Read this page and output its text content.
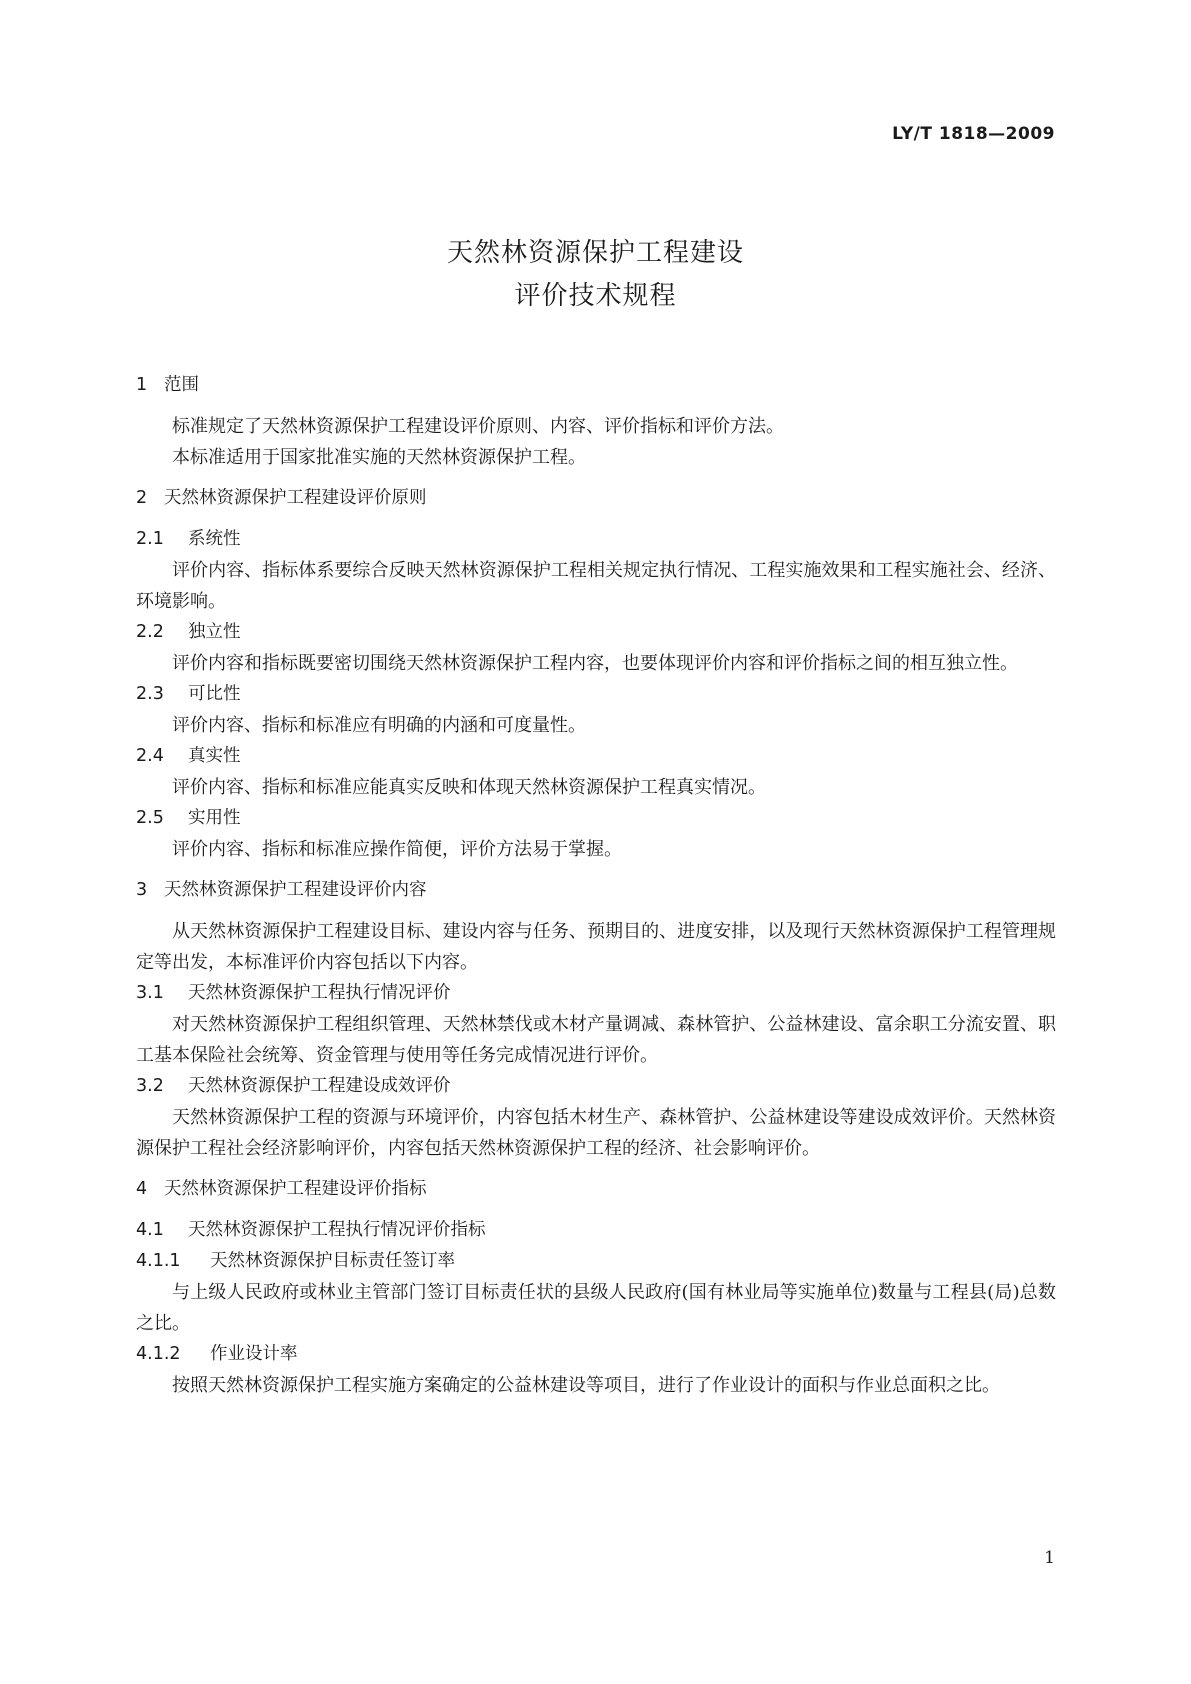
LY/T 1818—2009
天然林资源保护工程建设
评价技术规程
1 范围

标准规定了天然林资源保护工程建设评价原则、内容、评价指标和评价方法。

本标准适用于国家批准实施的天然林资源保护工程。

2 天然林资源保护工程建设评价原则
2.1 系统性

评价内容、指标体系要综合反映天然林资源保护工程相关规定执行情况、工程实施效果和工程实施社会、经济、环境影响。

2.2 独立性

评价内容和指标既要密切围绕天然林资源保护工程内容，也要体现评价内容和评价指标之间的相互独立性。

2.3 可比性

评价内容、指标和标准应有明确的内涵和可度量性。

2.4 真实性

评价内容、指标和标准应能真实反映和体现天然林资源保护工程真实情况。

2.5 实用性

评价内容、指标和标准应操作简便，评价方法易于掌握。

3 天然林资源保护工程建设评价内容

从天然林资源保护工程建设目标、建设内容与任务、预期目的、进度安排，以及现行天然林资源保护工程管理规定等出发，本标准评价内容包括以下内容。

3.1 天然林资源保护工程执行情况评价

对天然林资源保护工程组织管理、天然林禁伐或木材产量调减、森林管护、公益林建设、富余职工分流安置、职工基本保险社会统筹、资金管理与使用等任务完成情况进行评价。

3.2 天然林资源保护工程建设成效评价

天然林资源保护工程的资源与环境评价，内容包括木材生产、森林管护、公益林建设等建设成效评价。天然林资源保护工程社会经济影响评价，内容包括天然林资源保护工程的经济、社会影响评价。

4 天然林资源保护工程建设评价指标
4.1 天然林资源保护工程执行情况评价指标
4.1.1 天然林资源保护目标责任签订率

与上级人民政府或林业主管部门签订目标责任状的县级人民政府(国有林业局等实施单位)数量与工程县(局)总数之比。

4.1.2 作业设计率

按照天然林资源保护工程实施方案确定的公益林建设等项目，进行了作业设计的面积与作业总面积之比。

1
